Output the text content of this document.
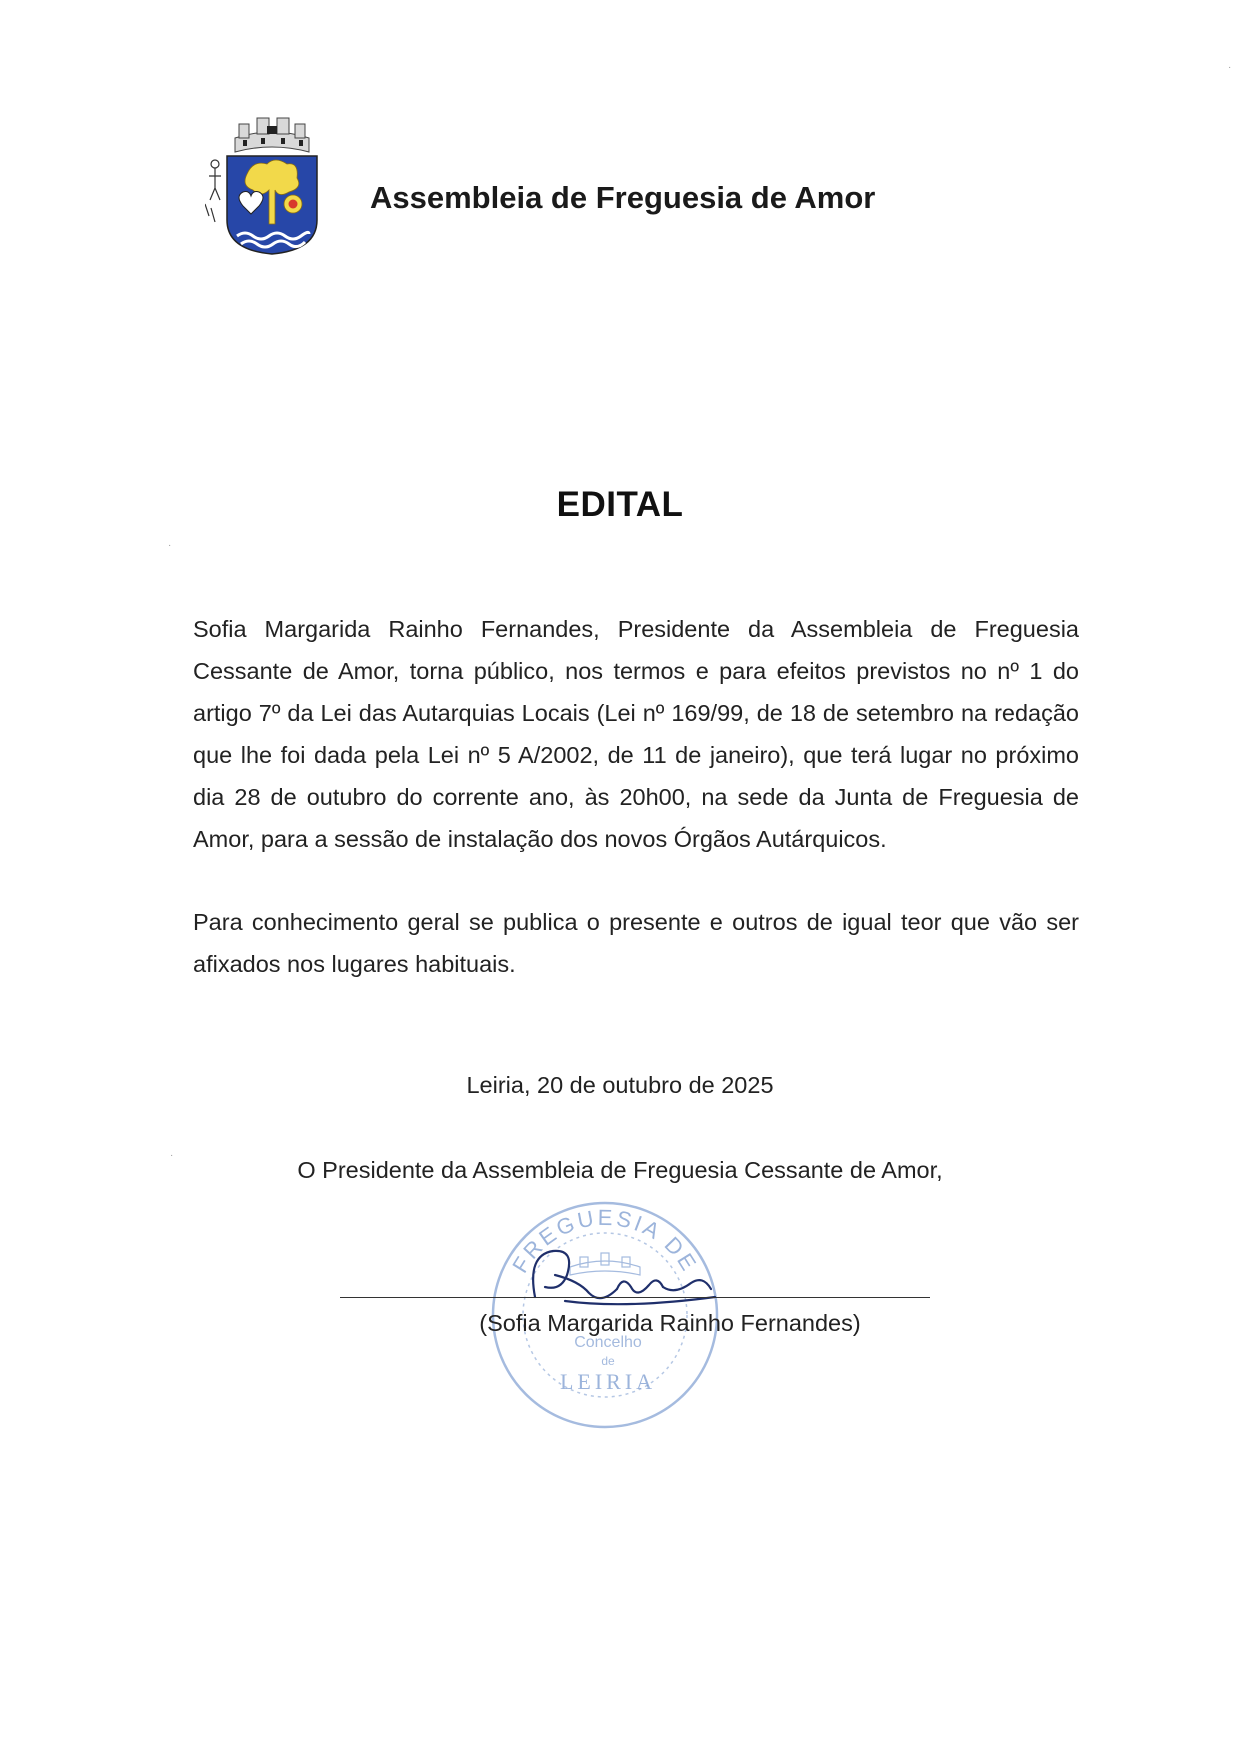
Assembleia de Freguesia de Amor
EDITAL

Sofia Margarida Rainho Fernandes, Presidente da Assembleia de Freguesia Cessante de Amor, torna público, nos termos e para efeitos previstos no nº 1 do artigo 7º da Lei das Autarquias Locais (Lei nº 169/99, de 18 de setembro na redação que lhe foi dada pela Lei nº 5 A/2002, de 11 de janeiro), que terá lugar no próximo dia 28 de outubro do corrente ano, às 20h00, na sede da Junta de Freguesia de Amor, para a sessão de instalação dos novos Órgãos Autárquicos.

Para conhecimento geral se publica o presente e outros de igual teor que vão ser afixados nos lugares habituais.

Leiria, 20 de outubro de 2025
O Presidente da Assembleia de Freguesia Cessante de Amor,
FREGUESIA DE
Concelho
de
LEIRIA
(Sofia Margarida Rainho Fernandes)
·
·
·
